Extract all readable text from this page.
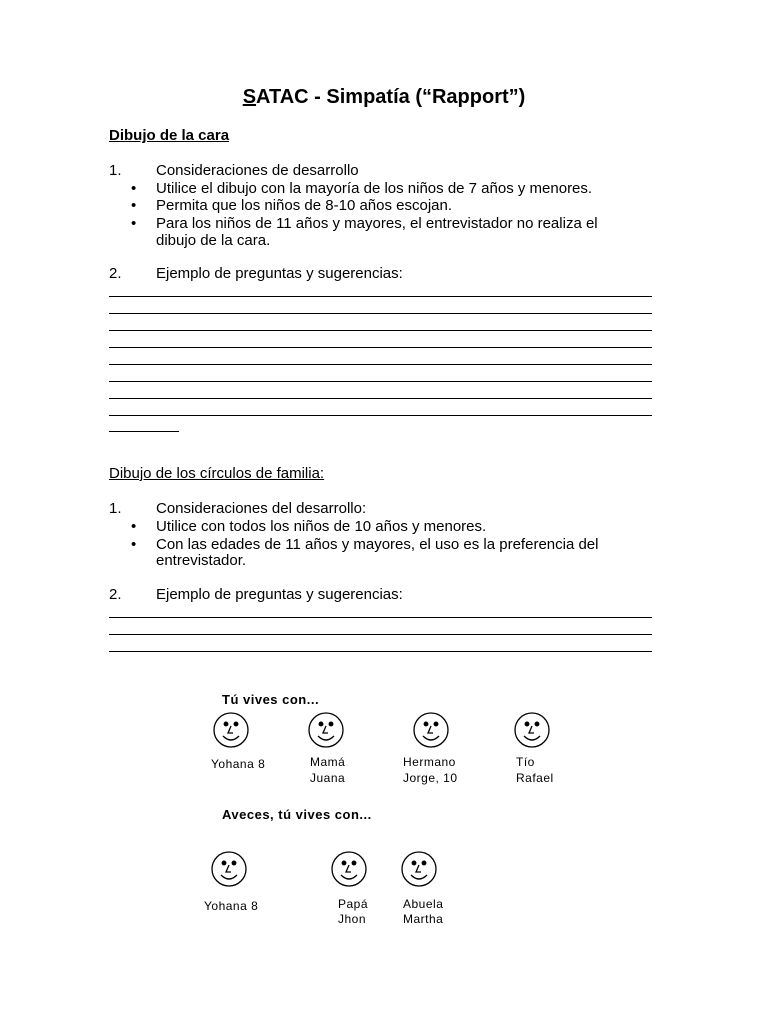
SATAC - Simpatía (“Rapport”)
Dibujo de la cara
1. Consideraciones de desarrollo
• Utilice el dibujo con la mayoría de los niños de 7 años y menores.
• Permita que los niños de 8-10 años escojan.
• Para los niños de 11 años y mayores, el entrevistador no realiza el
dibujo de la cara.
2. Ejemplo de preguntas y sugerencias:
Dibujo de los círculos de familia:
1. Consideraciones del desarrollo:
• Utilice con todos los niños de 10 años y menores.
• Con las edades de 11 años y mayores, el uso es la preferencia del
entrevistador.
2. Ejemplo de preguntas y sugerencias:
Tú vives con...
Yohana 8	Mamá
Juana
Hermano
Jorge, 10
Tío
Rafael
Aveces, tú vives con...
Yohana 8	Papá
Jhon
Abuela
Martha
